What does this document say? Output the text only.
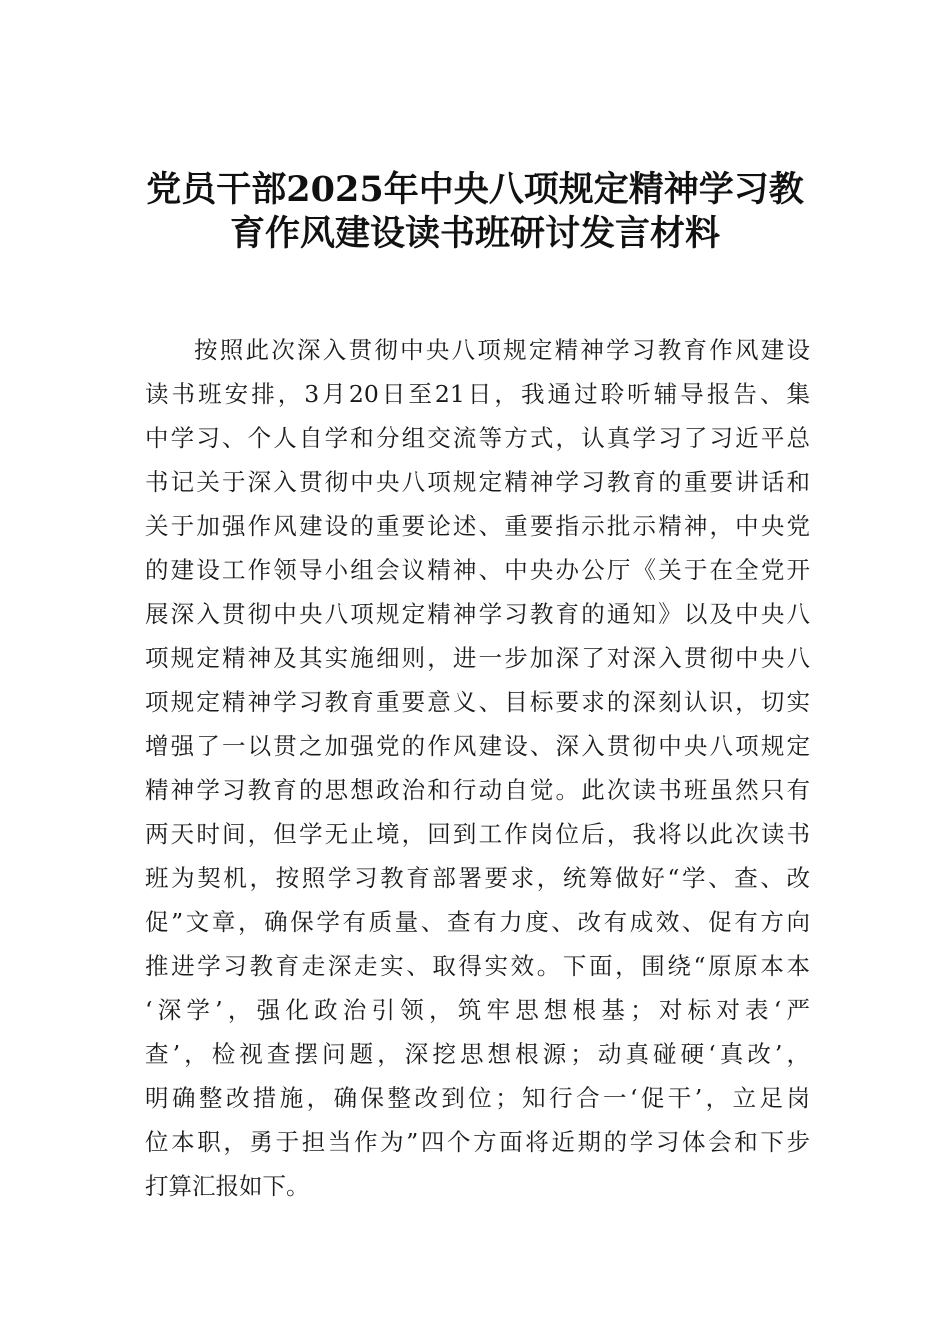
党员干部2025年中央八项规定精神学习教
育作风建设读书班研讨发言材料
按照此次深入贯彻中央八项规定精神学习教育作风建设
读书班安排，3月20日至21日，我通过聆听辅导报告、集
中学习、个人自学和分组交流等方式，认真学习了习近平总
书记关于深入贯彻中央八项规定精神学习教育的重要讲话和
关于加强作风建设的重要论述、重要指示批示精神，中央党
的建设工作领导小组会议精神、中央办公厅《关于在全党开
展深入贯彻中央八项规定精神学习教育的通知》以及中央八
项规定精神及其实施细则，进一步加深了对深入贯彻中央八
项规定精神学习教育重要意义、目标要求的深刻认识，切实
增强了一以贯之加强党的作风建设、深入贯彻中央八项规定
精神学习教育的思想政治和行动自觉。此次读书班虽然只有
两天时间，但学无止境，回到工作岗位后，我将以此次读书
班为契机，按照学习教育部署要求，统筹做好“学、查、改
促”文章，确保学有质量、查有力度、改有成效、促有方向
推进学习教育走深走实、取得实效。下面，围绕“原原本本
‘深学’，强化政治引领，筑牢思想根基；对标对表‘严
查’，检视查摆问题，深挖思想根源；动真碰硬‘真改’，
明确整改措施，确保整改到位；知行合一‘促干’，立足岗
位本职，勇于担当作为”四个方面将近期的学习体会和下步
打算汇报如下。
